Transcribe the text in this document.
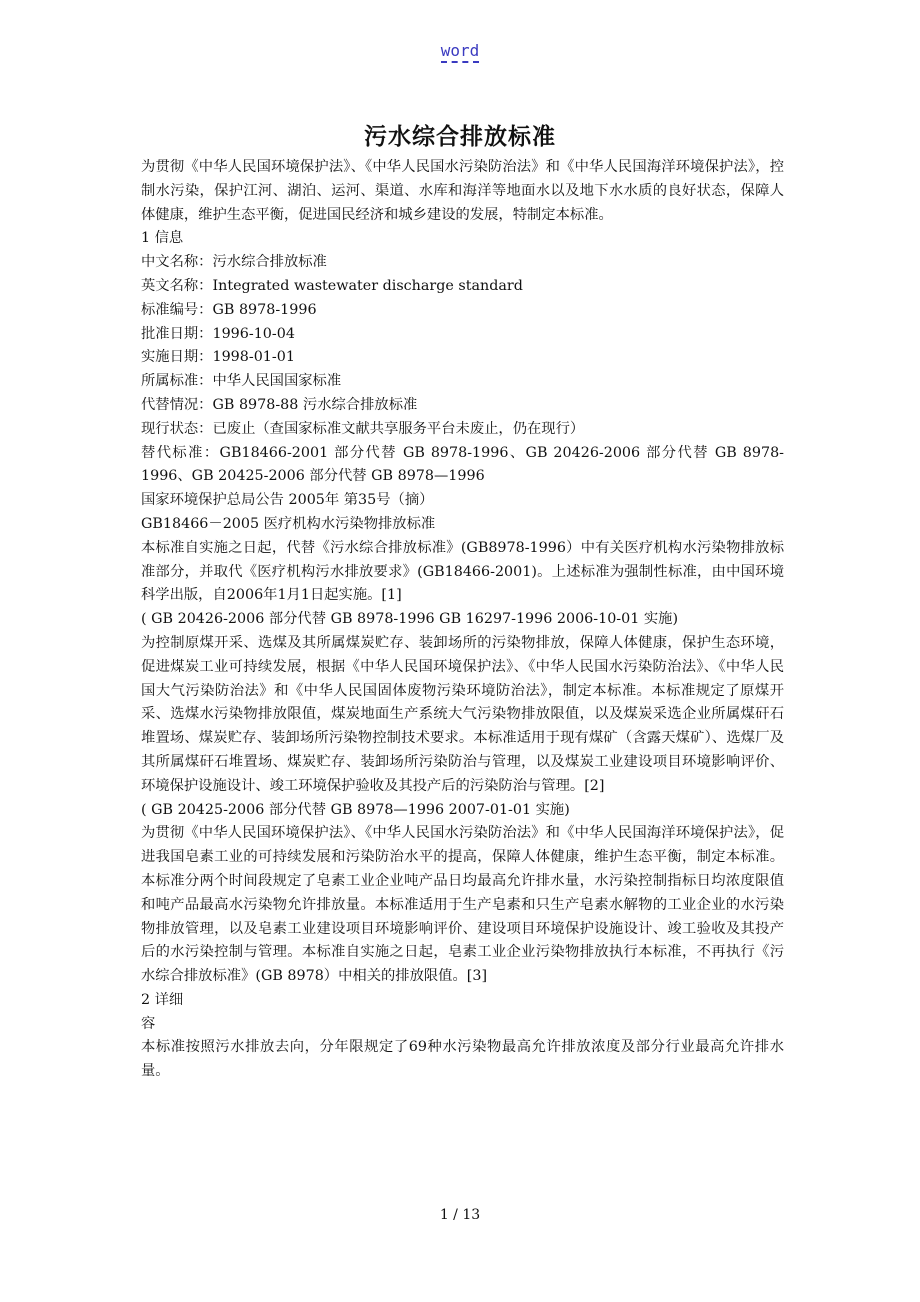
word
污水综合排放标准

为贯彻《中华人民国环境保护法》、《中华人民国水污染防治法》和《中华人民国海洋环境保护法》，控制水污染，保护江河、湖泊、运河、渠道、水库和海洋等地面水以及地下水水质的良好状态，保障人体健康，维护生态平衡，促进国民经济和城乡建设的发展，特制定本标准。

1 信息

中文名称：污水综合排放标准

英文名称：Integrated wastewater discharge standard

标准编号：GB 8978-1996

批准日期：1996-10-04

实施日期：1998-01-01

所属标准：中华人民国国家标准

代替情况：GB 8978-88 污水综合排放标准

现行状态：已废止（查国家标准文献共享服务平台未废止，仍在现行）

替代标准：GB18466-2001 部分代替 GB 8978-1996、GB 20426-2006 部分代替 GB 8978-1996、GB 20425-2006 部分代替 GB 8978—1996

国家环境保护总局公告 2005年 第35号（摘）

GB18466－2005 医疗机构水污染物排放标准

本标准自实施之日起，代替《污水综合排放标准》(GB8978-1996）中有关医疗机构水污染物排放标准部分，并取代《医疗机构污水排放要求》(GB18466-2001)。上述标准为强制性标准，由中国环境科学出版，自2006年1月1日起实施。[1]

( GB 20426-2006 部分代替 GB 8978-1996 GB 16297-1996 2006-10-01 实施)

为控制原煤开采、选煤及其所属煤炭贮存、装卸场所的污染物排放，保障人体健康，保护生态环境，促进煤炭工业可持续发展，根据《中华人民国环境保护法》、《中华人民国水污染防治法》、《中华人民国大气污染防治法》和《中华人民国固体废物污染环境防治法》，制定本标准。本标准规定了原煤开采、选煤水污染物排放限值，煤炭地面生产系统大气污染物排放限值，以及煤炭采选企业所属煤矸石堆置场、煤炭贮存、装卸场所污染物控制技术要求。本标准适用于现有煤矿（含露天煤矿）、选煤厂及其所属煤矸石堆置场、煤炭贮存、装卸场所污染防治与管理，以及煤炭工业建设项目环境影响评价、环境保护设施设计、竣工环境保护验收及其投产后的污染防治与管理。[2]

( GB 20425-2006 部分代替 GB 8978—1996 2007-01-01 实施)

为贯彻《中华人民国环境保护法》、《中华人民国水污染防治法》和《中华人民国海洋环境保护法》，促进我国皂素工业的可持续发展和污染防治水平的提高，保障人体健康，维护生态平衡，制定本标准。本标准分两个时间段规定了皂素工业企业吨产品日均最高允许排水量，水污染控制指标日均浓度限值和吨产品最高水污染物允许排放量。本标准适用于生产皂素和只生产皂素水解物的工业企业的水污染物排放管理，以及皂素工业建设项目环境影响评价、建设项目环境保护设施设计、竣工验收及其投产后的水污染控制与管理。本标准自实施之日起，皂素工业企业污染物排放执行本标准，不再执行《污水综合排放标准》(GB 8978）中相关的排放限值。[3]

2 详细

容

本标准按照污水排放去向，分年限规定了69种水污染物最高允许排放浓度及部分行业最高允许排水量。

1 / 13
